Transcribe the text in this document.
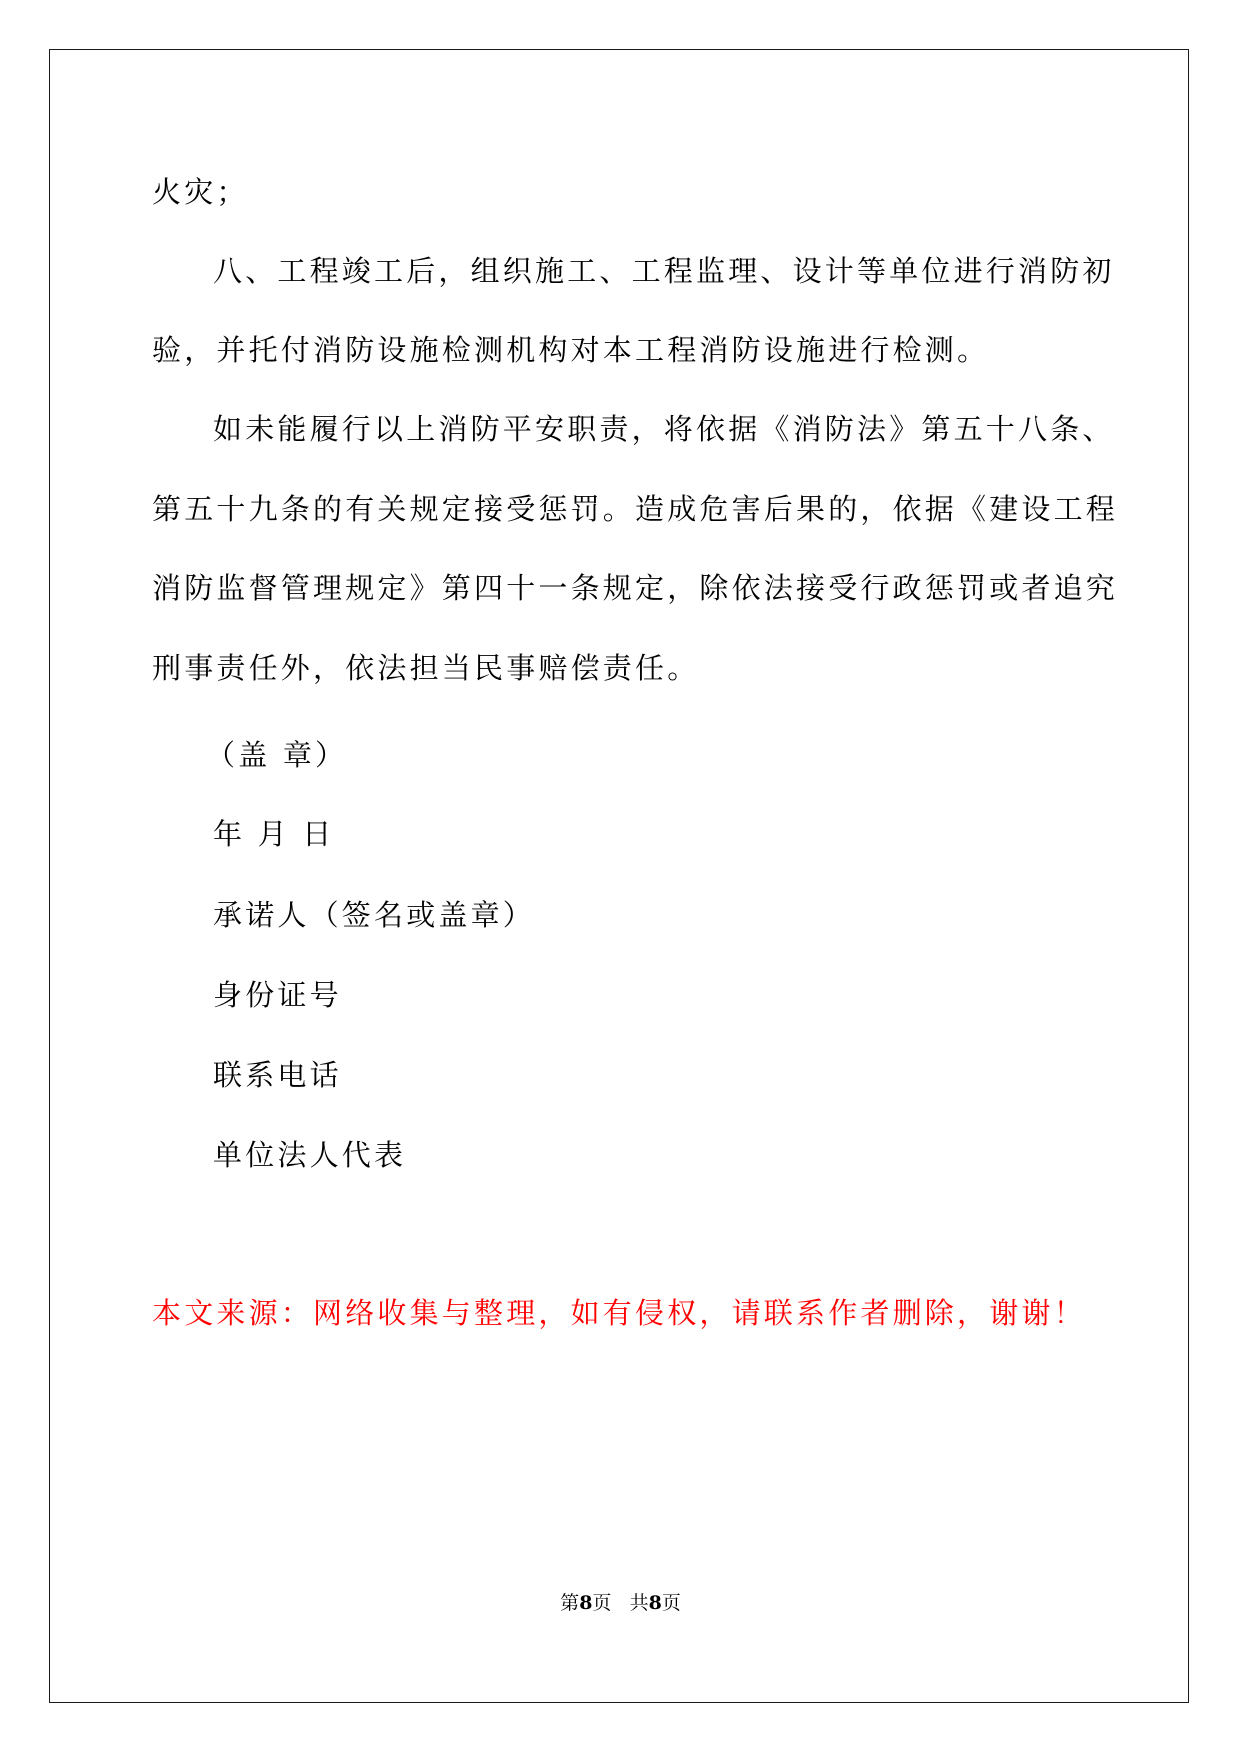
火灾；

八、工程竣工后，组织施工、工程监理、设计等单位进行消防初

验，并托付消防设施检测机构对本工程消防设施进行检测。

如未能履行以上消防平安职责，将依据《消防法》第五十八条、

第五十九条的有关规定接受惩罚。造成危害后果的，依据《建设工程

消防监督管理规定》第四十一条规定，除依法接受行政惩罚或者追究

刑事责任外，依法担当民事赔偿责任。

（盖 章）

年 月 日

承诺人（签名或盖章）

身份证号

联系电话

单位法人代表

本文来源：网络收集与整理，如有侵权，请联系作者删除，谢谢！

第8页 共8页
